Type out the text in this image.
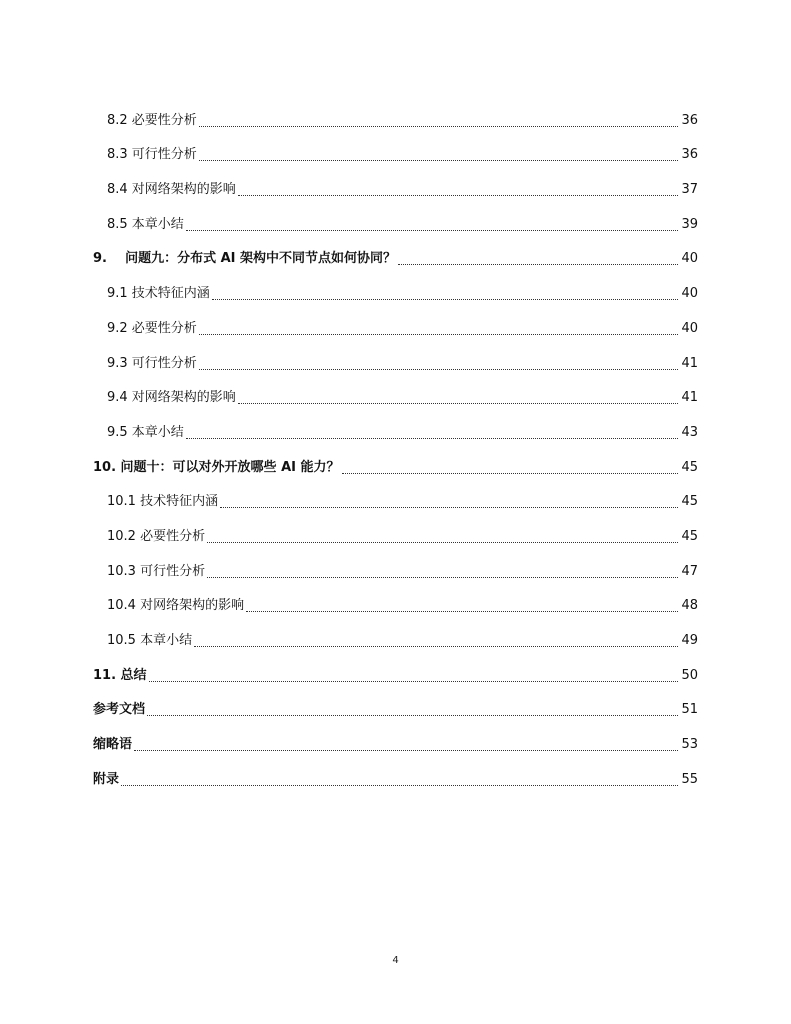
8.2 必要性分析	36
8.3 可行性分析	36
8.4 对网络架构的影响	37
8.5 本章小结	39
9.    问题九：分布式 AI 架构中不同节点如何协同？	40
9.1 技术特征内涵	40
9.2 必要性分析	40
9.3 可行性分析	41
9.4 对网络架构的影响	41
9.5 本章小结	43
10. 问题十：可以对外开放哪些 AI 能力？	45
10.1 技术特征内涵	45
10.2 必要性分析	45
10.3 可行性分析	47
10.4 对网络架构的影响	48
10.5 本章小结	49
11. 总结	50
参考文档	51
缩略语	53
附录	55
4
